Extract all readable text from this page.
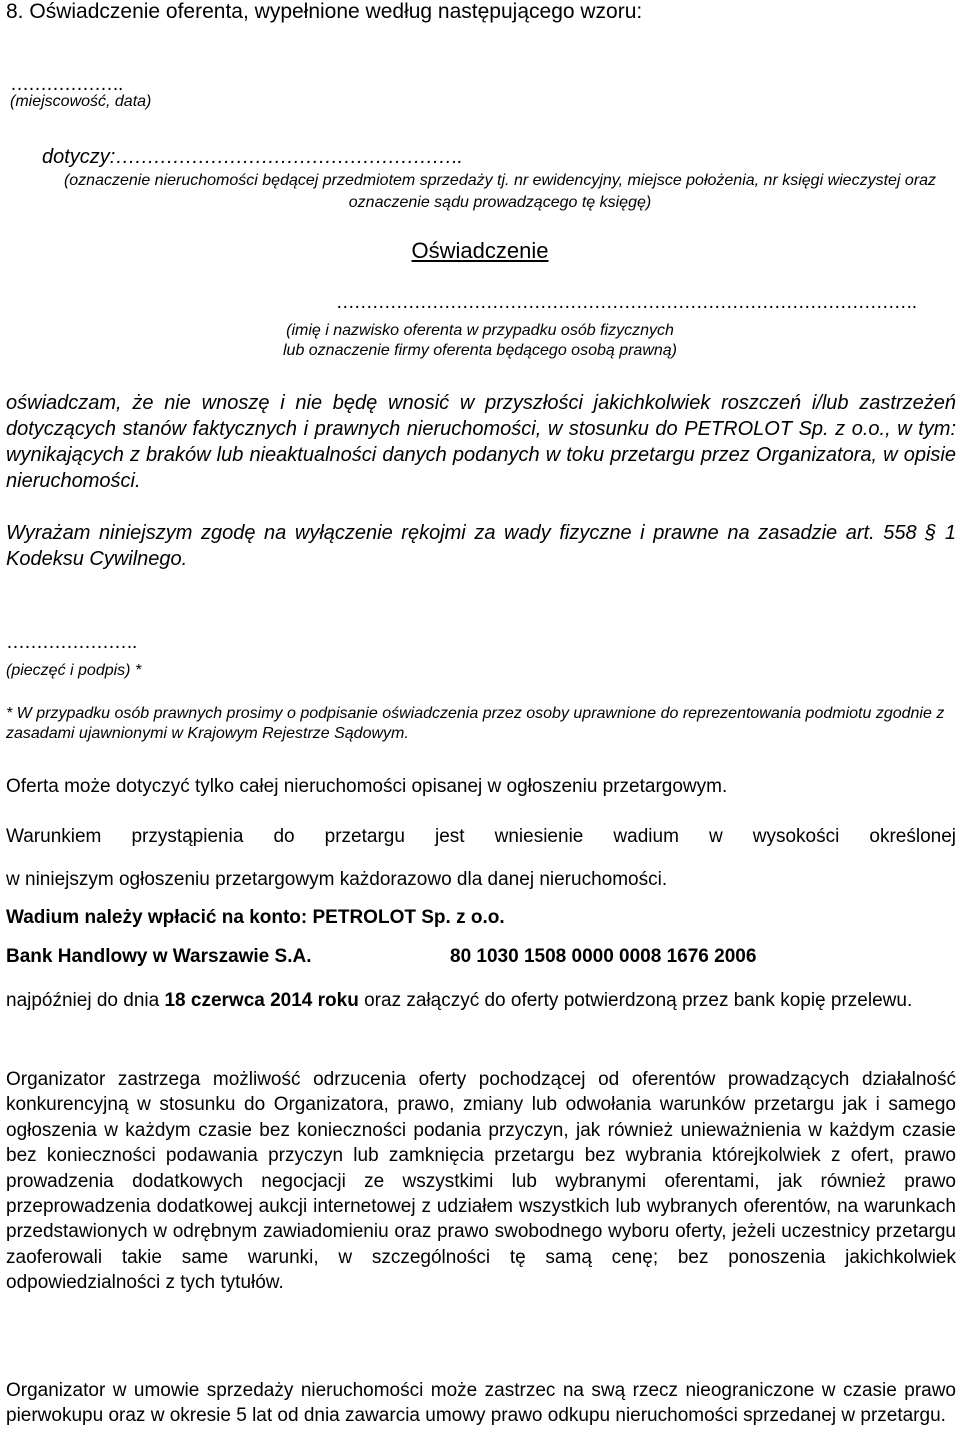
8. Oświadczenie oferenta, wypełnione według następującego wzoru:

……………….

(miejscowość, data)

dotyczy:……………………………………………….

(oznaczenie nieruchomości będącej przedmiotem sprzedaży tj. nr ewidencyjny, miejsce położenia, nr księgi wieczystej oraz oznaczenie sądu prowadzącego tę księgę)

Oświadczenie

…………………………………………………………………………………….

(imię i nazwisko oferenta w przypadku osób fizycznych
lub oznaczenie firmy oferenta będącego osobą prawną)

oświadczam, że nie wnoszę i nie będę wnosić w przyszłości jakichkolwiek roszczeń i/lub zastrzeżeń dotyczących stanów faktycznych i prawnych nieruchomości, w stosunku do PETROLOT Sp. z o.o., w tym: wynikających z braków lub nieaktualności danych podanych w toku przetargu przez Organizatora, w opisie nieruchomości.

Wyrażam niniejszym zgodę na wyłączenie rękojmi za wady fizyczne i prawne na zasadzie art. 558 § 1 Kodeksu Cywilnego.

………………….

(pieczęć i podpis) *

* W przypadku osób prawnych prosimy o podpisanie oświadczenia przez osoby uprawnione do reprezentowania podmiotu zgodnie z zasadami ujawnionymi w Krajowym Rejestrze Sądowym.

Oferta może dotyczyć tylko całej nieruchomości opisanej w ogłoszeniu przetargowym.

Warunkiem przystąpienia do przetargu jest wniesienie wadium w wysokości określonej

w niniejszym ogłoszeniu przetargowym każdorazowo dla danej nieruchomości.

Wadium należy wpłacić na konto: PETROLOT Sp. z o.o.

Bank Handlowy w Warszawie S.A.	80 1030 1508 0000 0008 1676 2006

najpóźniej do dnia 18 czerwca 2014 roku oraz załączyć do oferty potwierdzoną przez bank kopię przelewu.

Organizator zastrzega możliwość odrzucenia oferty pochodzącej od oferentów prowadzących działalność konkurencyjną w stosunku do Organizatora, prawo, zmiany lub odwołania warunków przetargu jak i samego ogłoszenia w każdym czasie bez konieczności podania przyczyn, jak również unieważnienia w każdym czasie bez konieczności podawania przyczyn lub zamknięcia przetargu bez wybrania którejkolwiek z ofert, prawo prowadzenia dodatkowych negocjacji ze wszystkimi lub wybranymi oferentami, jak również prawo przeprowadzenia dodatkowej aukcji internetowej z udziałem wszystkich lub wybranych oferentów, na warunkach przedstawionych w odrębnym zawiadomieniu oraz prawo swobodnego wyboru oferty, jeżeli uczestnicy przetargu zaoferowali takie same warunki, w szczególności tę samą cenę; bez ponoszenia jakichkolwiek odpowiedzialności z tych tytułów.

Organizator w umowie sprzedaży nieruchomości może zastrzec na swą rzecz nieograniczone w czasie prawo pierwokupu oraz w okresie 5 lat od dnia zawarcia umowy prawo odkupu nieruchomości sprzedanej w przetargu.
